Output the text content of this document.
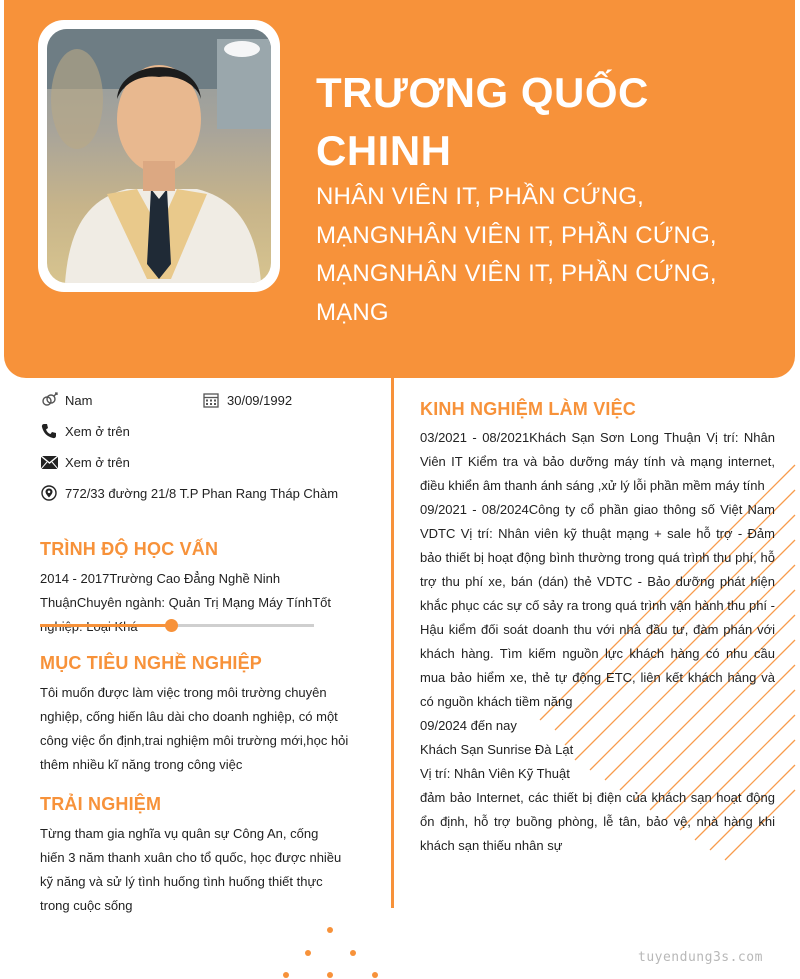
TRƯƠNG QUỐC CHINH
NHÂN VIÊN IT, PHẦN CỨNG, MẠNGNHÂN VIÊN IT, PHẦN CỨNG, MẠNGNHÂN VIÊN IT, PHẦN CỨNG, MẠNG
Nam	30/09/1992
Xem ở trên
Xem ở trên
772/33 đường 21/8 T.P Phan Rang Tháp Chàm
TRÌNH ĐỘ HỌC VẤN
2014 - 2017Trường Cao Đẳng Nghề Ninh ThuậnChuyên ngành: Quản Trị Mạng Máy TínhTốt
MỤC TIÊU NGHỀ NGHIỆP
Tôi muốn được làm việc trong môi trường chuyên nghiệp, cống hiến lâu dài cho doanh nghiệp, có một công việc ổn định,trai nghiệm môi trường mới,học hỏi thêm nhiều kĩ năng trong công việc
TRẢI NGHIỆM
Từng tham gia nghĩa vụ quân sự Công An, cống hiến 3 năm thanh xuân cho tổ quốc, học được nhiều kỹ năng và sử lý tình huống tình huống thiết thực trong cuộc sống
KINH NGHIỆM LÀM VIỆC
03/2021 - 08/2021Khách Sạn Sơn Long Thuận Vị trí: Nhân Viên IT Kiểm tra và bảo dưỡng máy tính và mạng internet, điều khiển âm thanh ánh sáng ,xử lý lỗi phần mềm máy tính
09/2021 - 08/2024Công ty cổ phần giao thông số Việt Nam VDTC Vị trí: Nhân viên kỹ thuật mạng + sale hỗ trợ - Đảm bảo thiết bị hoạt động bình thường trong quá trình thu phí, hỗ trợ thu phí xe, bán (dán) thẻ VDTC - Bảo dưỡng phát hiện khắc phục các sự cố sảy ra trong quá trình vận hành thu phí - Hậu kiểm đối soát doanh thu với nhà đầu tư, đàm phán với khách hàng. Tìm kiếm nguồn lực khách hàng có nhu cầu mua bảo hiểm xe, thẻ tự động ETC, liên kết khách hàng và có nguồn khách tiềm năng
09/2024 đến nay
Khách Sạn Sunrise Đà Lạt
Vị trí: Nhân Viên Kỹ Thuật
đảm bảo Internet, các thiết bị điện của khách sạn hoạt động ổn định, hỗ trợ buồng phòng, lễ tân, bảo vệ, nhà hàng khi khách sạn thiếu nhân sự
tuyendung3s.com
